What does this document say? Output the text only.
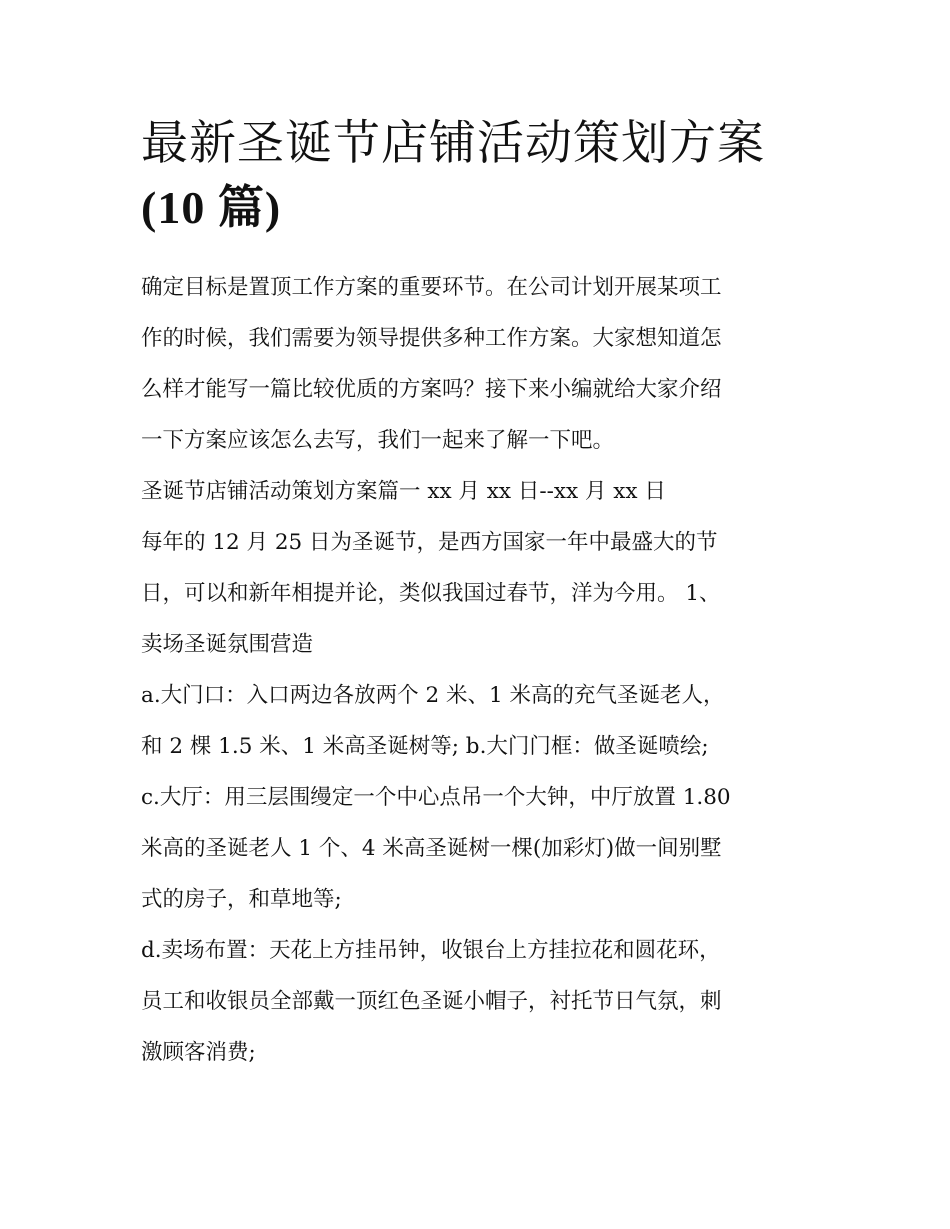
最新圣诞节店铺活动策划方案
(10 篇)

确定目标是置顶工作方案的重要环节。在公司计划开展某项工
作的时候，我们需要为领导提供多种工作方案。大家想知道怎
么样才能写一篇比较优质的方案吗？接下来小编就给大家介绍
一下方案应该怎么去写，我们一起来了解一下吧。

圣诞节店铺活动策划方案篇一 xx 月 xx 日--xx 月 xx 日

每年的 12 月 25 日为圣诞节，是西方国家一年中最盛大的节
日，可以和新年相提并论，类似我国过春节，洋为今用。 1、
卖场圣诞氛围营造

a.大门口：入口两边各放两个 2 米、1 米高的充气圣诞老人，
和 2 棵 1.5 米、1 米高圣诞树等; b.大门门框：做圣诞喷绘;

c.大厅：用三层围缦定一个中心点吊一个大钟，中厅放置 1.80
米高的圣诞老人 1 个、4 米高圣诞树一棵(加彩灯)做一间别墅
式的房子，和草地等;

d.卖场布置：天花上方挂吊钟，收银台上方挂拉花和圆花环，
员工和收银员全部戴一顶红色圣诞小帽子，衬托节日气氛，刺
激顾客消费;
